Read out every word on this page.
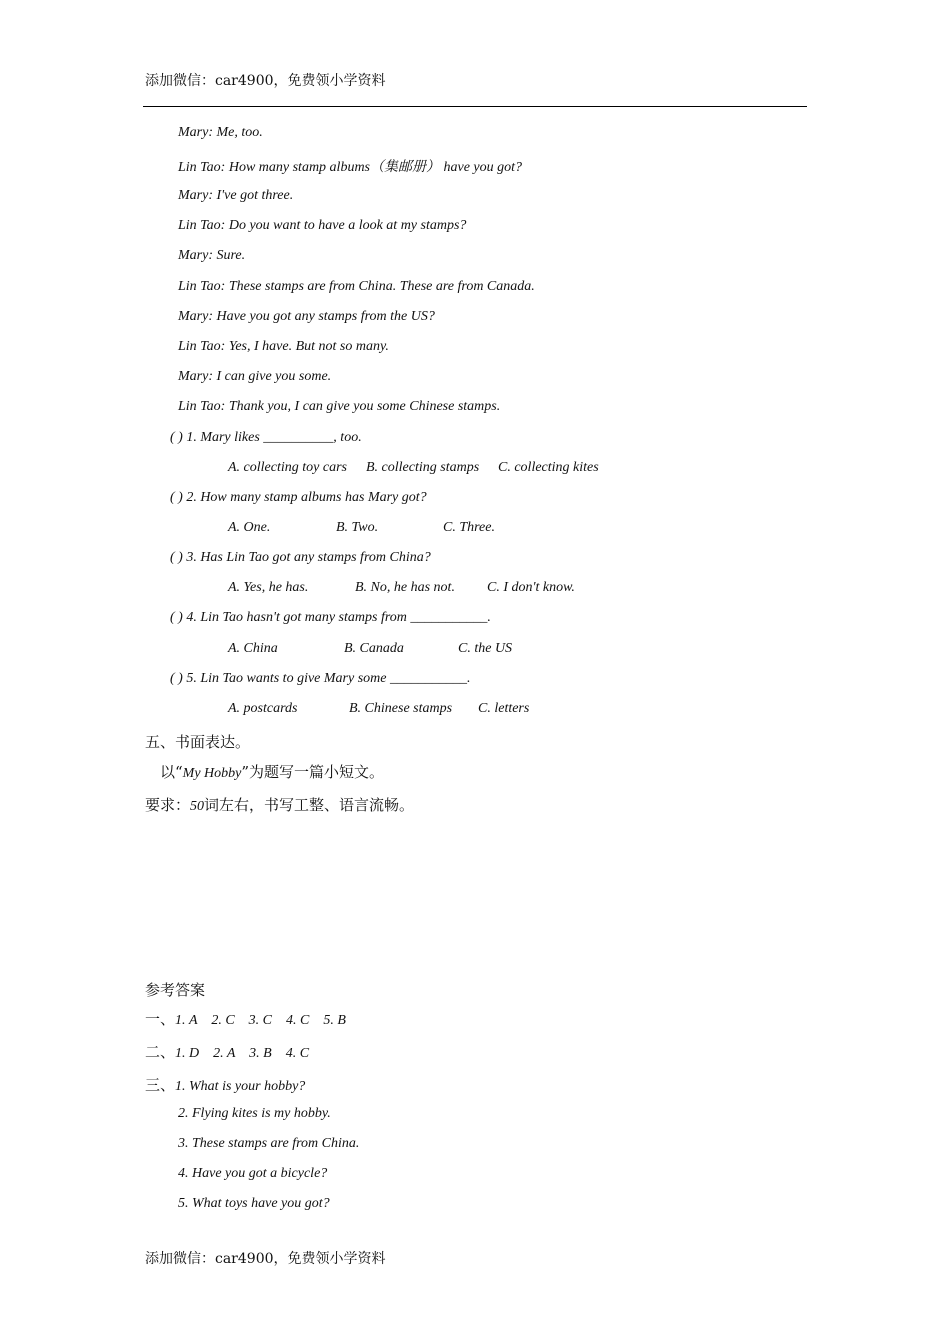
添加微信：car4900，免费领小学资料
Mary: Me, too.
Lin Tao: How many stamp albums（集邮册） have you got?
Mary: I've got three.
Lin Tao: Do you want to have a look at my stamps?
Mary: Sure.
Lin Tao: These stamps are from China. These are from Canada.
Mary: Have you got any stamps from the US?
Lin Tao: Yes, I have. But not so many.
Mary: I can give you some.
Lin Tao: Thank you, I can give you some Chinese stamps.
( ) 1. Mary likes __________, too.
A. collecting toy cars B. collecting stamps C. collecting kites
( ) 2. How many stamp albums has Mary got?
A. One.	B. Two.	C. Three.
( ) 3. Has Lin Tao got any stamps from China?
A. Yes, he has.	B. No, he has not. C. I don't know.
( ) 4. Lin Tao hasn't got many stamps from ___________.
A. China	B. Canada	C. the US
( ) 5. Lin Tao wants to give Mary some ___________.
A. postcards	B. Chinese stamps C. letters
五、书面表达。
以“My Hobby”为题写一篇小短文。
要求：50词左右，书写工整、语言流畅。
参考答案
一、1. A    2. C    3. C    4. C    5. B
二、1. D    2. A    3. B    4. C
三、1. What is your hobby?
2. Flying kites is my hobby.
3. These stamps are from China.
4. Have you got a bicycle?
5. What toys have you got?
添加微信：car4900，免费领小学资料
